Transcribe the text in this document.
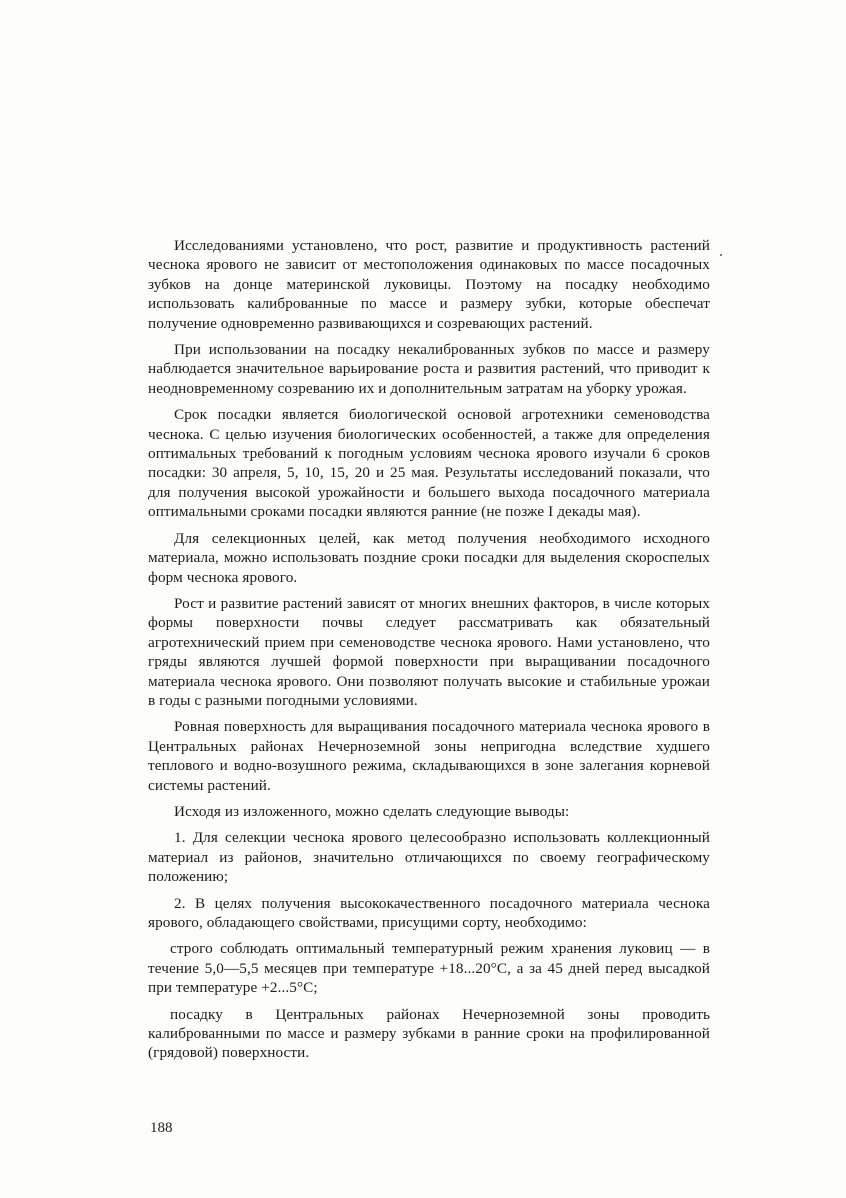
Исследованиями установлено, что рост, развитие и продуктивность растений чеснока ярового не зависит от местоположения одинаковых по массе посадочных зубков на донце материнской луковицы. Поэтому на посадку необходимо использовать калиброванные по массе и размеру зубки, которые обеспечат получение одновременно развивающихся и созревающих растений.

При использовании на посадку некалиброванных зубков по массе и размеру наблюдается значительное варьирование роста и развития растений, что приводит к неодновременному созреванию их и дополнительным затратам на уборку урожая.

Срок посадки является биологической основой агротехники семеноводства чеснока. С целью изучения биологических особенностей, а также для определения оптимальных требований к погодным условиям чеснока ярового изучали 6 сроков посадки: 30 апреля, 5, 10, 15, 20 и 25 мая. Результаты исследований показали, что для получения высокой урожайности и большего выхода посадочного материала оптимальными сроками посадки являются ранние (не позже I декады мая).

Для селекционных целей, как метод получения необходимого исходного материала, можно использовать поздние сроки посадки для выделения скороспелых форм чеснока ярового.

Рост и развитие растений зависят от многих внешних факторов, в числе которых формы поверхности почвы следует рассматривать как обязательный агротехнический прием при семеноводстве чеснока ярового. Нами установлено, что гряды являются лучшей формой поверхности при выращивании посадочного материала чеснока ярового. Они позволяют получать высокие и стабильные урожаи в годы с разными погодными условиями.

Ровная поверхность для выращивания посадочного материала чеснока ярового в Центральных районах Нечерноземной зоны непригодна вследствие худшего теплового и водно-возушного режима, складывающихся в зоне залегания корневой системы растений.

Исходя из изложенного, можно сделать следующие выводы:

1. Для селекции чеснока ярового целесообразно использовать коллекционный материал из районов, значительно отличающихся по своему географическому положению;

2. В целях получения высококачественного посадочного материала чеснока ярового, обладающего свойствами, присущими сорту, необходимо:

строго соблюдать оптимальный температурный режим хранения луковиц — в течение 5,0—5,5 месяцев при температуре +18...20°С, а за 45 дней перед высадкой при температуре +2...5°С;

посадку в Центральных районах Нечерноземной зоны проводить калиброванными по массе и размеру зубками в ранние сроки на профилированной (грядовой) поверхности.

188
